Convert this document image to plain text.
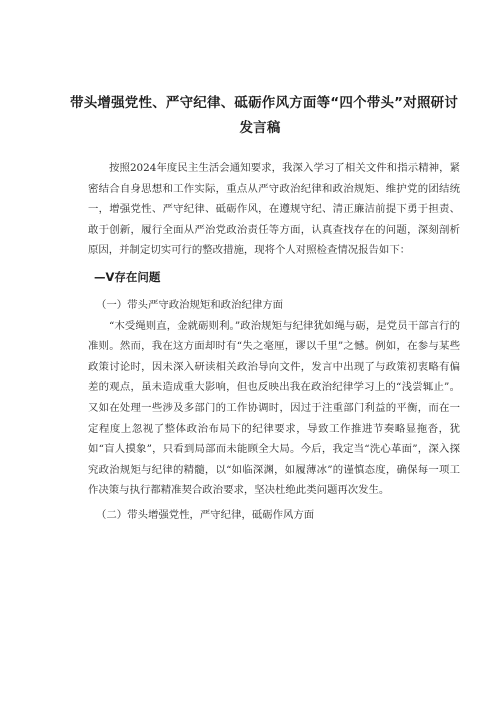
带头增强党性、严守纪律、砥砺作风方面等“四个带头”对照研讨
发言稿

按照2024年度民主生活会通知要求，我深入学习了相关文件和指示精神，紧密结合自身思想和工作实际，重点从严守政治纪律和政治规矩、维护党的团结统一，增强党性、严守纪律、砥砺作风，在遵规守纪、清正廉洁前提下勇于担责、敢于创新，履行全面从严治党政治责任等方面，认真查找存在的问题，深刻剖析原因，并制定切实可行的整改措施，现将个人对照检查情况报告如下：

—V存在问题

（一）带头严守政治规矩和政治纪律方面

“木受绳则直，金就砺则利。”政治规矩与纪律犹如绳与砺，是党员干部言行的准则。然而，我在这方面却时有“失之毫厘，谬以千里”之憾。例如，在参与某些政策讨论时，因未深入研读相关政治导向文件，发言中出现了与政策初衷略有偏差的观点，虽未造成重大影响，但也反映出我在政治纪律学习上的“浅尝辄止”。又如在处理一些涉及多部门的工作协调时，因过于注重部门利益的平衡，而在一定程度上忽视了整体政治布局下的纪律要求，导致工作推进节奏略显拖沓，犹如“盲人摸象”，只看到局部而未能顾全大局。今后，我定当“洗心革面”，深入探究政治规矩与纪律的精髓，以“如临深渊，如履薄冰”的谨慎态度，确保每一项工作决策与执行都精准契合政治要求，坚决杜绝此类问题再次发生。

（二）带头增强党性，严守纪律，砥砺作风方面
